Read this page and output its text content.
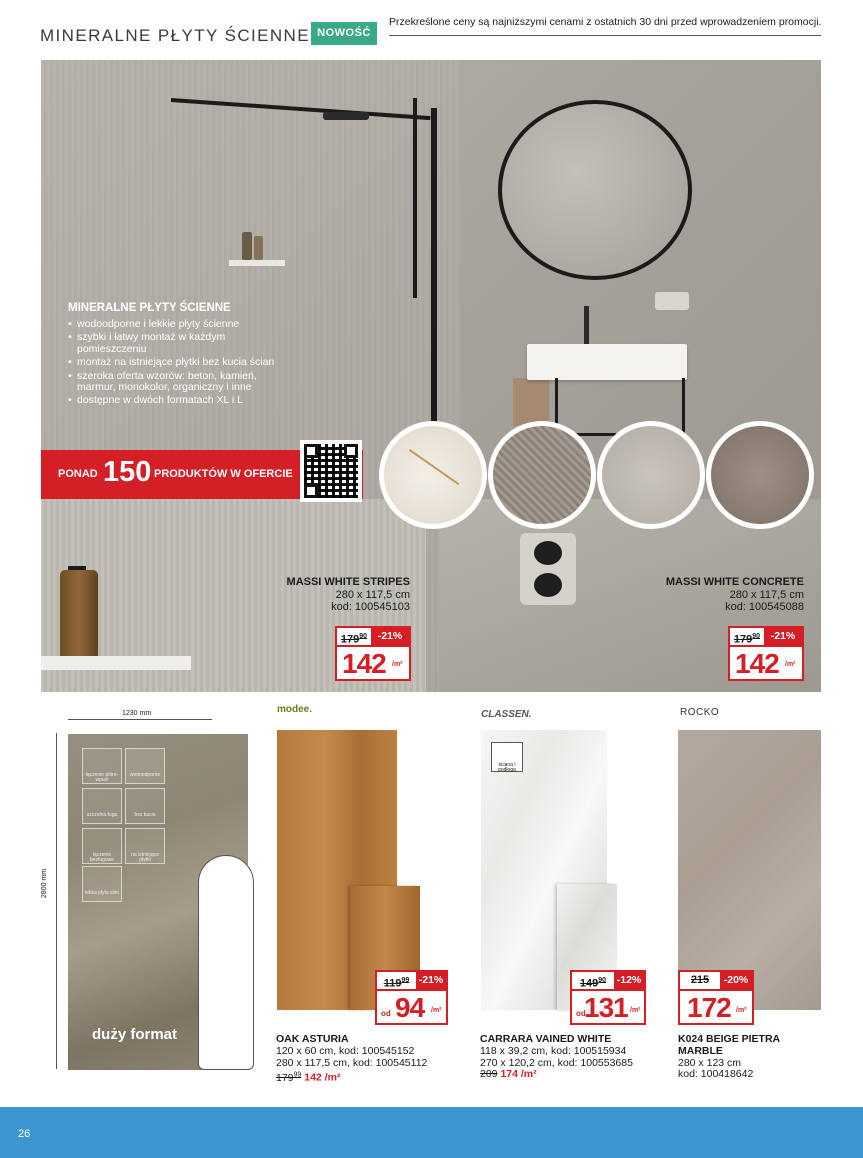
MINERALNE PŁYTY ŚCIENNE NOWOŚĆ
Przekreślone ceny są najniższymi cenami z ostatnich 30 dni przed wprowadzeniem promocji.
MINERALNE PŁYTY ŚCIENNE
• wodoodporne i lekkie płyty ścienne
• szybki i łatwy montaż w każdym pomieszczeniu
• montaż na istniejące płytki bez kucia ścian
• szeroka oferta wzorów: beton, kamień, marmur, monokolor, organiczny i inne
• dostępne w dwóch formatach XL i L
PONAD 150 PRODUKTÓW W OFERCIE
MASSI WHITE STRIPES
280 x 117,5 cm
kod: 100545103
$179^{90}$	-21%
142 /m²
MASSI WHITE CONCRETE
280 x 117,5 cm
kod: 100545088
$179^{90}$	-21%
142 /m²
1230 mm
2800 mm
łączenie pióro-wpust
wodoodporne
szczelna fuga	bez kucia
łączenie bezfugowe
na istniejące płytki
lekka płyta slim
duży format
modee.
$119^{99}$ -21%
od 94 /m²
OAK ASTURIA
120 x 60 cm, kod: 100545152
280 x 117,5 cm, kod: 100545112
$179^{99}$ 142 /m²
CLASSEN.
ściana i podłoga
$149^{90}$	-12%
od
131 /m²
CARRARA VAINED WHITE
118 x 39,2 cm, kod: 100515934
270 x 120,2 cm, kod: 100553685
209 174 /m²
ROCKO
215	-20%
172 /m²
K024 BEIGE PIETRA
MARBLE
280 x 123 cm
kod: 100418642
26
